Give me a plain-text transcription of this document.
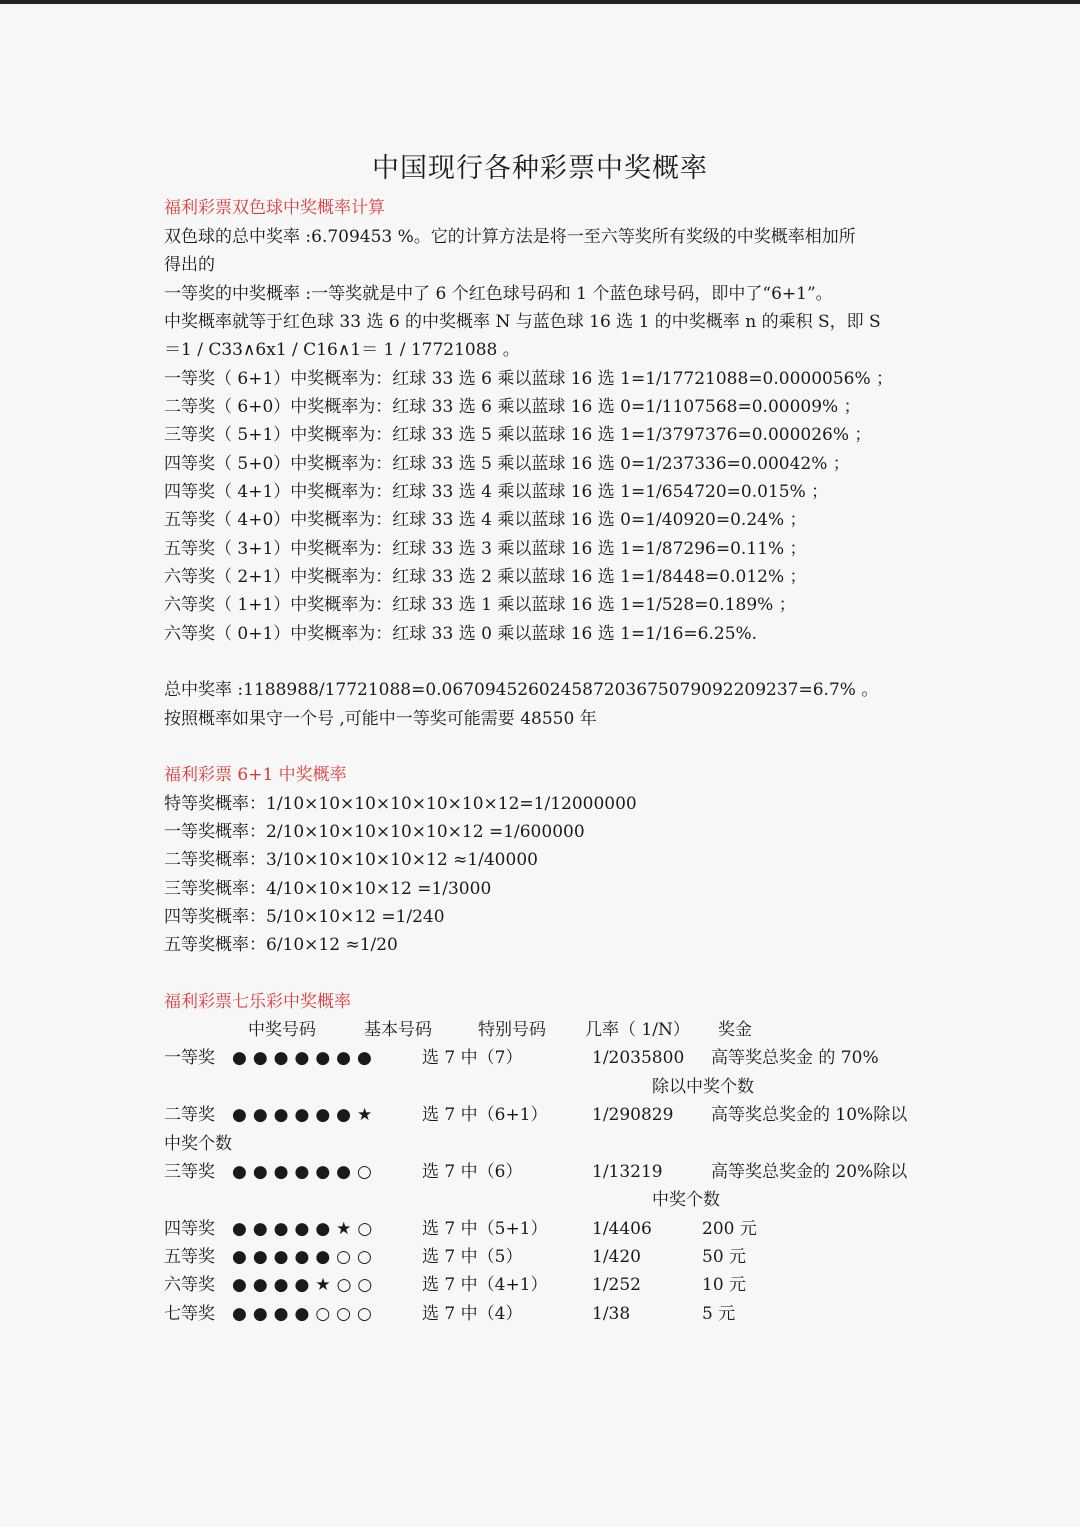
中国现行各种彩票中奖概率
福利彩票双色球中奖概率计算
双色球的总中奖率 :6.709453 %。它的计算方法是将一至六等奖所有奖级的中奖概率相加所
得出的
一等奖的中奖概率 :一等奖就是中了 6 个红色球号码和 1 个蓝色球号码，即中了“6+1”。
中奖概率就等于红色球 33 选 6 的中奖概率 N 与蓝色球 16 选 1 的中奖概率 n 的乘积 S，即 S
＝1 / C33∧6x1 / C16∧1＝ 1 / 17721088 。
一等奖（ 6+1）中奖概率为：红球 33 选 6 乘以蓝球 16 选 1=1/17721088=0.0000056% ；
二等奖（ 6+0）中奖概率为：红球 33 选 6 乘以蓝球 16 选 0=1/1107568=0.00009% ；
三等奖（ 5+1）中奖概率为：红球 33 选 5 乘以蓝球 16 选 1=1/3797376=0.000026% ；
四等奖（ 5+0）中奖概率为：红球 33 选 5 乘以蓝球 16 选 0=1/237336=0.00042% ；
四等奖（ 4+1）中奖概率为：红球 33 选 4 乘以蓝球 16 选 1=1/654720=0.015% ；
五等奖（ 4+0）中奖概率为：红球 33 选 4 乘以蓝球 16 选 0=1/40920=0.24% ；
五等奖（ 3+1）中奖概率为：红球 33 选 3 乘以蓝球 16 选 1=1/87296=0.11% ；
六等奖（ 2+1）中奖概率为：红球 33 选 2 乘以蓝球 16 选 1=1/8448=0.012% ；
六等奖（ 1+1）中奖概率为：红球 33 选 1 乘以蓝球 16 选 1=1/528=0.189% ；
六等奖（ 0+1）中奖概率为：红球 33 选 0 乘以蓝球 16 选 1=1/16=6.25%.
总中奖率 :1188988/17721088=0.0670945260245872036750790922092​37=6.7% 。
按照概率如果守一个号 ,可能中一等奖可能需要 48550 年
福利彩票 6+1 中奖概率
特等奖概率：1/10×10×10×10×10×10×12=1/12000000
一等奖概率：2/10×10×10×10×10×12 =1/600000
二等奖概率：3/10×10×10×10×12 ≈1/40000
三等奖概率：4/10×10×10×12 =1/3000
四等奖概率：5/10×10×12 =1/240
五等奖概率：6/10×12 ≈1/20
福利彩票七乐彩中奖概率
中奖号码	基本号码	特别号码 几率（ 1/N） 奖金
一等奖 ●●●●●●●	选 7 中（7）	1/2035800 高等奖总奖金 的 70%
除以中奖个数
二等奖 ●●●●●●★	选 7 中（6+1）	1/290829 高等奖总奖金的 10%除以
中奖个数
三等奖 ●●●●●●○	选 7 中（6）	1/13219	高等奖总奖金的 20%除以
中奖个数
四等奖 ●●●●●★○	选 7 中（5+1）	1/4406	200 元
五等奖 ●●●●●○○	选 7 中（5）	1/420	50 元
六等奖 ●●●●★○○	选 7 中（4+1）	1/252	10 元
七等奖 ●●●●○○○	选 7 中（4）	1/38	5 元
